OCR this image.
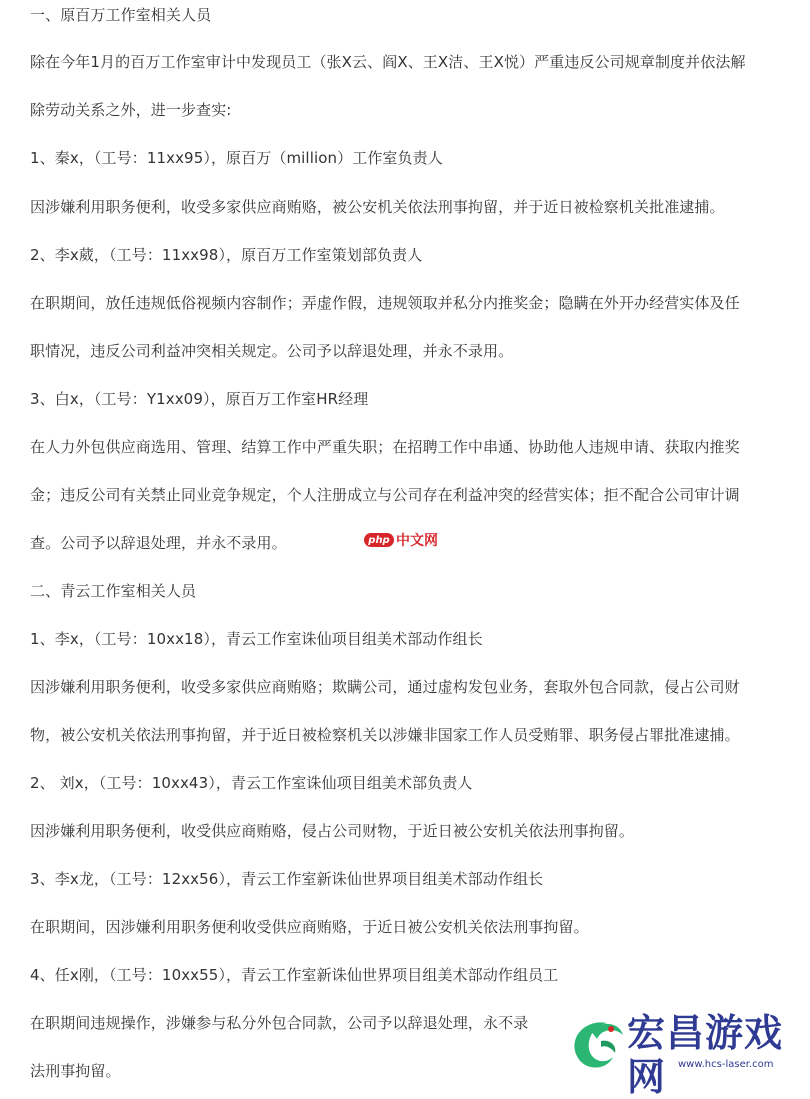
一、原百万工作室相关人员
除在今年1月的百万工作室审计中发现员工（张X云、阎X、王X洁、王X悦）严重违反公司规章制度并依法解
除劳动关系之外，进一步查实:
1、秦x，（工号：11xx95），原百万（million）工作室负责人
因涉嫌利用职务便利，收受多家供应商贿赂，被公安机关依法刑事拘留，并于近日被检察机关批准逮捕。
2、李x葳，（工号：11xx98），原百万工作室策划部负责人
在职期间，放任违规低俗视频内容制作；弄虚作假，违规领取并私分内推奖金；隐瞒在外开办经营实体及任
职情况，违反公司利益冲突相关规定。公司予以辞退处理，并永不录用。
3、白x，（工号：Y1xx09），原百万工作室HR经理
在人力外包供应商选用、管理、结算工作中严重失职；在招聘工作中串通、协助他人违规申请、获取内推奖
金；违反公司有关禁止同业竞争规定，个人注册成立与公司存在利益冲突的经营实体；拒不配合公司审计调
查。公司予以辞退处理，并永不录用。
二、青云工作室相关人员
1、李x，（工号：10xx18），青云工作室诛仙项目组美术部动作组长
因涉嫌利用职务便利，收受多家供应商贿赂；欺瞒公司，通过虚构发包业务，套取外包合同款，侵占公司财
物，被公安机关依法刑事拘留，并于近日被检察机关以涉嫌非国家工作人员受贿罪、职务侵占罪批准逮捕。
2、 刘x，（工号：10xx43），青云工作室诛仙项目组美术部负责人
因涉嫌利用职务便利，收受供应商贿赂，侵占公司财物，于近日被公安机关依法刑事拘留。
3、李x龙，（工号：12xx56），青云工作室新诛仙世界项目组美术部动作组长
在职期间，因涉嫌利用职务便利收受供应商贿赂，于近日被公安机关依法刑事拘留。
4、任x刚，（工号：10xx55），青云工作室新诛仙世界项目组美术部动作组员工
在职期间违规操作，涉嫌参与私分外包合同款，公司予以辞退处理，永不录
法刑事拘留。
php 中文网
宏昌游戏网	www.hcs-laser.com
